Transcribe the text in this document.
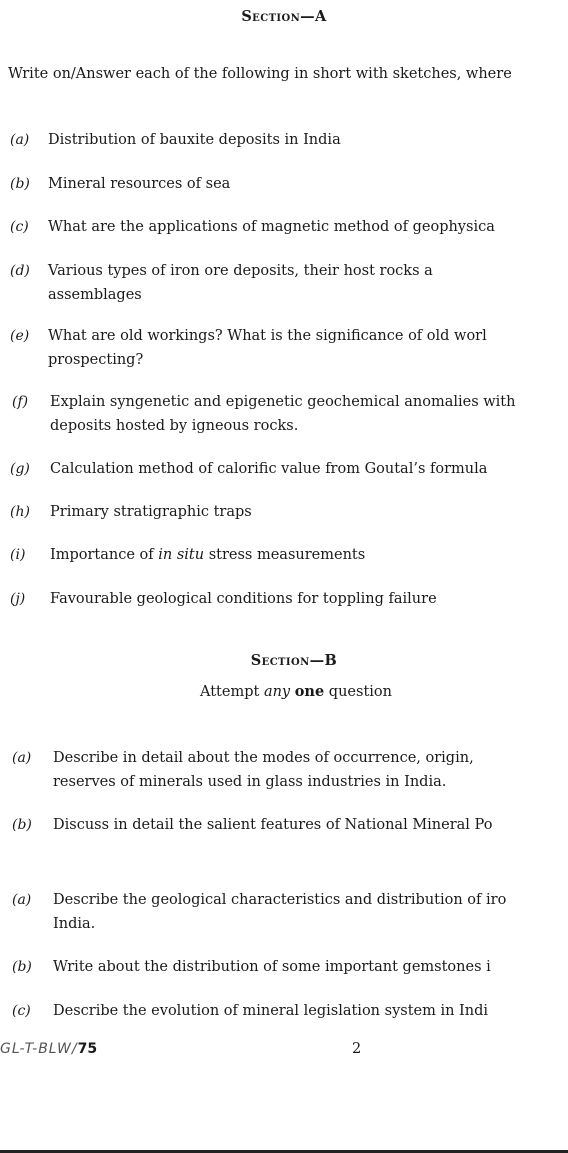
Section—A
Write on/Answer each of the following in short with sketches, where
(a) Distribution of bauxite deposits in India
(b) Mineral resources of sea
(c) What are the applications of magnetic method of geophysica
(d) Various types of iron ore deposits, their host rocks a
assemblages
(e) What are old workings? What is the significance of old worl
prospecting?
(f) Explain syngenetic and epigenetic geochemical anomalies with
deposits hosted by igneous rocks.
(g) Calculation method of calorific value from Goutal’s formula
(h) Primary stratigraphic traps
(i) Importance of in situ stress measurements
(j) Favourable geological conditions for toppling failure
Section—B
Attempt any one question
(a) Describe in detail about the modes of occurrence, origin,
reserves of minerals used in glass industries in India.
(b) Discuss in detail the salient features of National Mineral Po
(a) Describe the geological characteristics and distribution of iro
India.
(b) Write about the distribution of some important gemstones i
(c) Describe the evolution of mineral legislation system in Indi
GL-T-BLW/75	2
